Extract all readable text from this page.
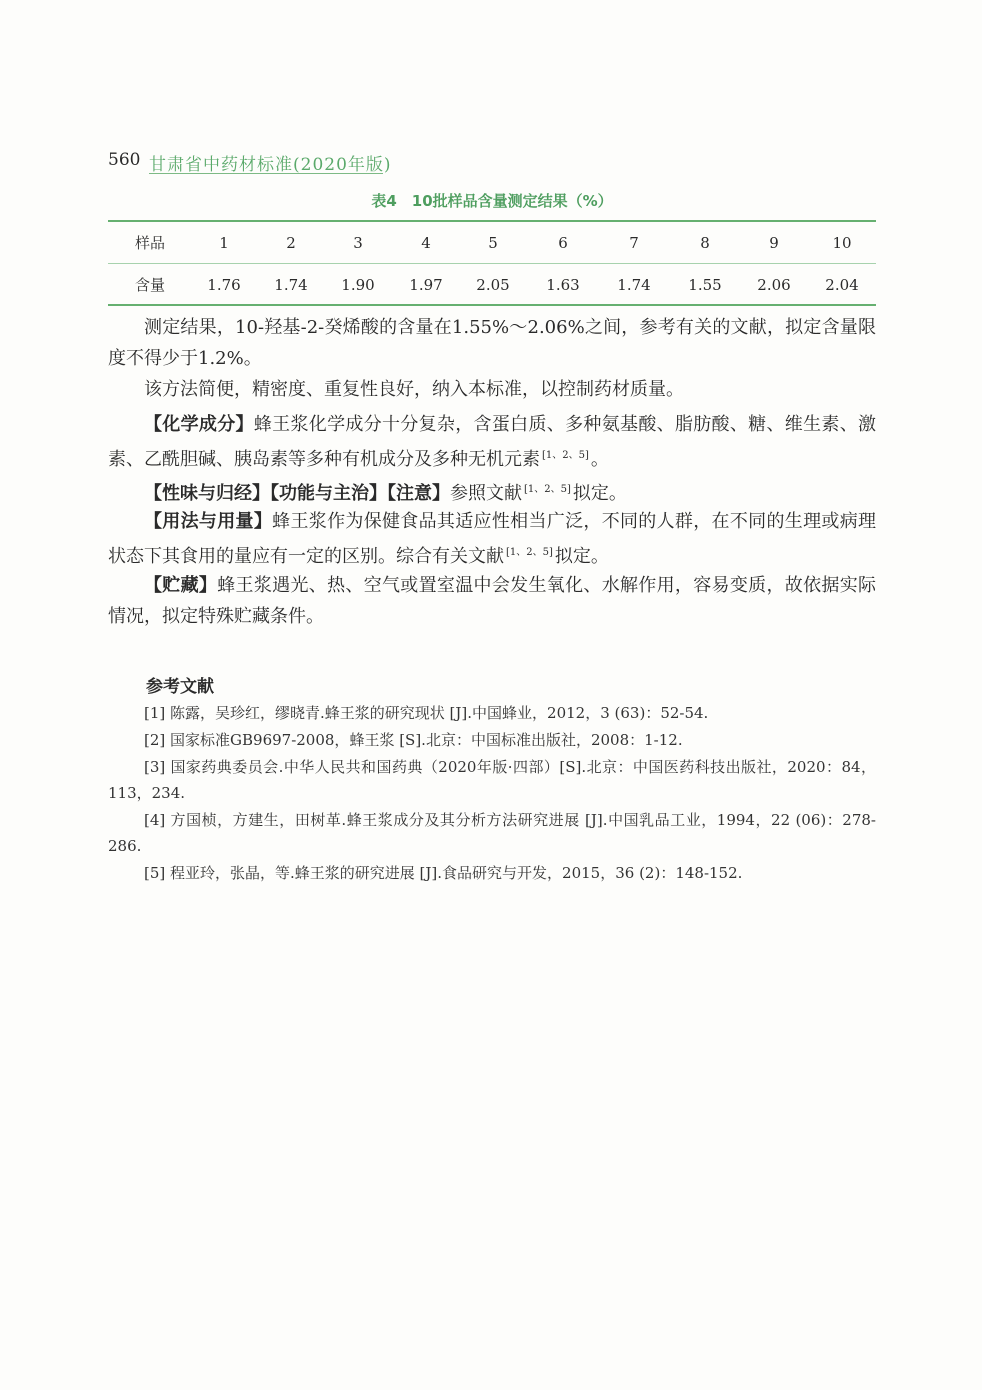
560 甘肃省中药材标准(2020年版)
表4　10批样品含量测定结果（%）
样品	1	2	3	4	5	6	7	8	9	10
含量	1.76 1.74 1.90 1.97 2.05 1.63	1.74	1.55 2.06 2.04

测定结果，10-羟基-2-癸烯酸的含量在1.55%～2.06%之间，参考有关的文献，拟定含量限度不得少于1.2%。

该方法简便，精密度、重复性良好，纳入本标准，以控制药材质量。

【化学成分】蜂王浆化学成分十分复杂，含蛋白质、多种氨基酸、脂肪酸、糖、维生素、激素、乙酰胆碱、胰岛素等多种有机成分及多种无机元素 [1、2、5] 。

【性味与归经】【功能与主治】【注意】参照文献 [1、2、5] 拟定。

【用法与用量】蜂王浆作为保健食品其适应性相当广泛，不同的人群，在不同的生理或病理状态下其食用的量应有一定的区别。综合有关文献 [1、2、5] 拟定。

【贮藏】蜂王浆遇光、热、空气或置室温中会发生氧化、水解作用，容易变质，故依据实际情况，拟定特殊贮藏条件。

参考文献

[1] 陈露，吴珍红，缪晓青.蜂王浆的研究现状 [J].中国蜂业，2012，3 (63)：52-54.

[2] 国家标准GB9697-2008，蜂王浆 [S].北京：中国标准出版社，2008：1-12.

[3] 国家药典委员会.中华人民共和国药典（2020年版·四部）[S].北京：中国医药科技出版社，2020：84，113，234.

[4] 方国桢，方建生，田树革.蜂王浆成分及其分析方法研究进展 [J].中国乳品工业，1994，22 (06)：278-286.

[5] 程亚玲，张晶，等.蜂王浆的研究进展 [J].食品研究与开发，2015，36 (2)：148-152.
